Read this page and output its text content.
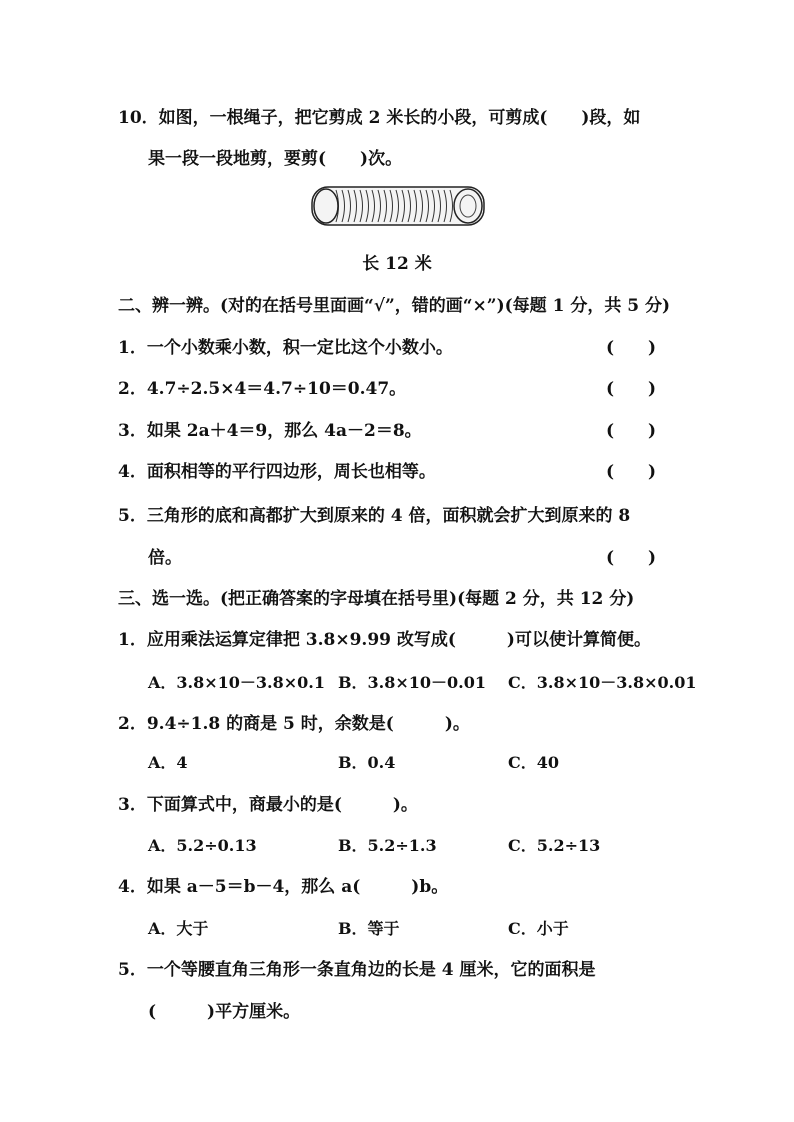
10．如图，一根绳子，把它剪成 2 米长的小段，可剪成(　　)段，如
果一段一段地剪，要剪(　　)次。
长 12 米
二、辨一辨。(对的在括号里面画“√”，错的画“×”)(每题 1 分，共 5 分)
1．一个小数乘小数，积一定比这个小数小。	(　　)
2．4.7÷2.5×4＝4.7÷10＝0.47。	(　　)
3．如果 2a＋4＝9，那么 4a－2＝8。	(　　)
4．面积相等的平行四边形，周长也相等。	(　　)
5．三角形的底和高都扩大到原来的 4 倍，面积就会扩大到原来的 8
倍。	(　　)
三、选一选。(把正确答案的字母填在括号里)(每题 2 分，共 12 分)
1．应用乘法运算定律把 3.8×9.99 改写成(　　　)可以使计算简便。
A．3.8×10－3.8×0.1 B．3.8×10－0.01 C．3.8×10－3.8×0.01
2．9.4÷1.8 的商是 5 时，余数是(　　　)。
A．4	B．0.4	C．40
3．下面算式中，商最小的是(　　　)。
A．5.2÷0.13	B．5.2÷1.3	C．5.2÷13
4．如果 a－5＝b－4，那么 a(　　　)b。
A．大于	B．等于	C．小于
5．一个等腰直角三角形一条直角边的长是 4 厘米，它的面积是
(　　　)平方厘米。
